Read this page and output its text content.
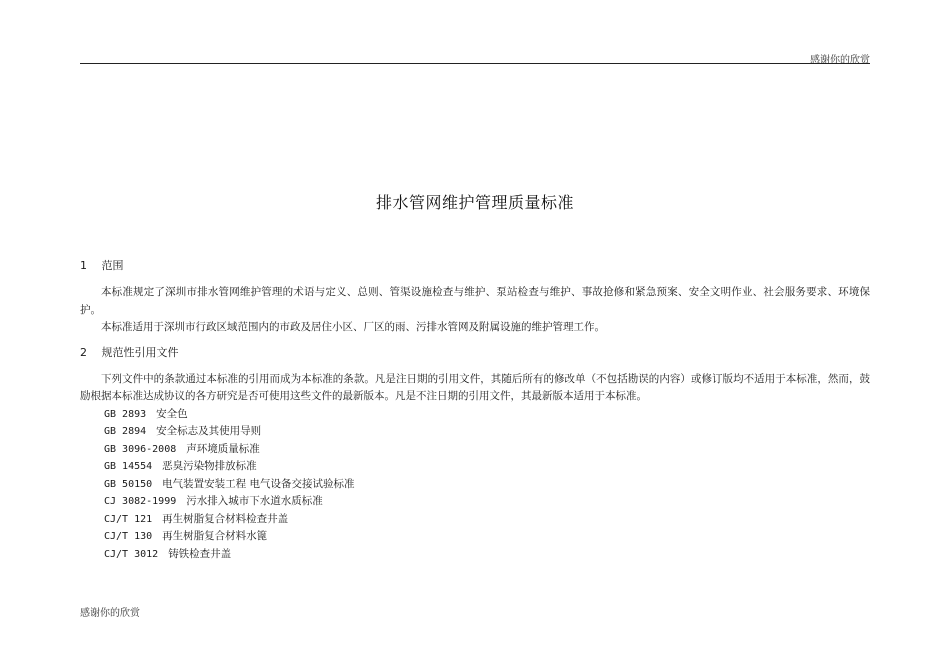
感谢你的欣赏
排水管网维护管理质量标准
1 范围

本标准规定了深圳市排水管网维护管理的术语与定义、总则、管渠设施检查与维护、泵站检查与维护、事故抢修和紧急预案、安全文明作业、社会服务要求、环境保护。

本标准适用于深圳市行政区域范围内的市政及居住小区、厂区的雨、污排水管网及附属设施的维护管理工作。

2 规范性引用文件

下列文件中的条款通过本标准的引用而成为本标准的条款。凡是注日期的引用文件，其随后所有的修改单（不包括勘误的内容）或修订版均不适用于本标准，然而，鼓励根据本标准达成协议的各方研究是否可使用这些文件的最新版本。凡是不注日期的引用文件，其最新版本适用于本标准。

GB 2893 安全色
GB 2894 安全标志及其使用导则
GB 3096-2008 声环境质量标准
GB 14554 恶臭污染物排放标准
GB 50150 电气装置安装工程 电气设备交接试验标准
CJ 3082-1999 污水排入城市下水道水质标准
CJ/T 121 再生树脂复合材料检查井盖
CJ/T 130 再生树脂复合材料水篦
CJ/T 3012 铸铁检查井盖
感谢你的欣赏
